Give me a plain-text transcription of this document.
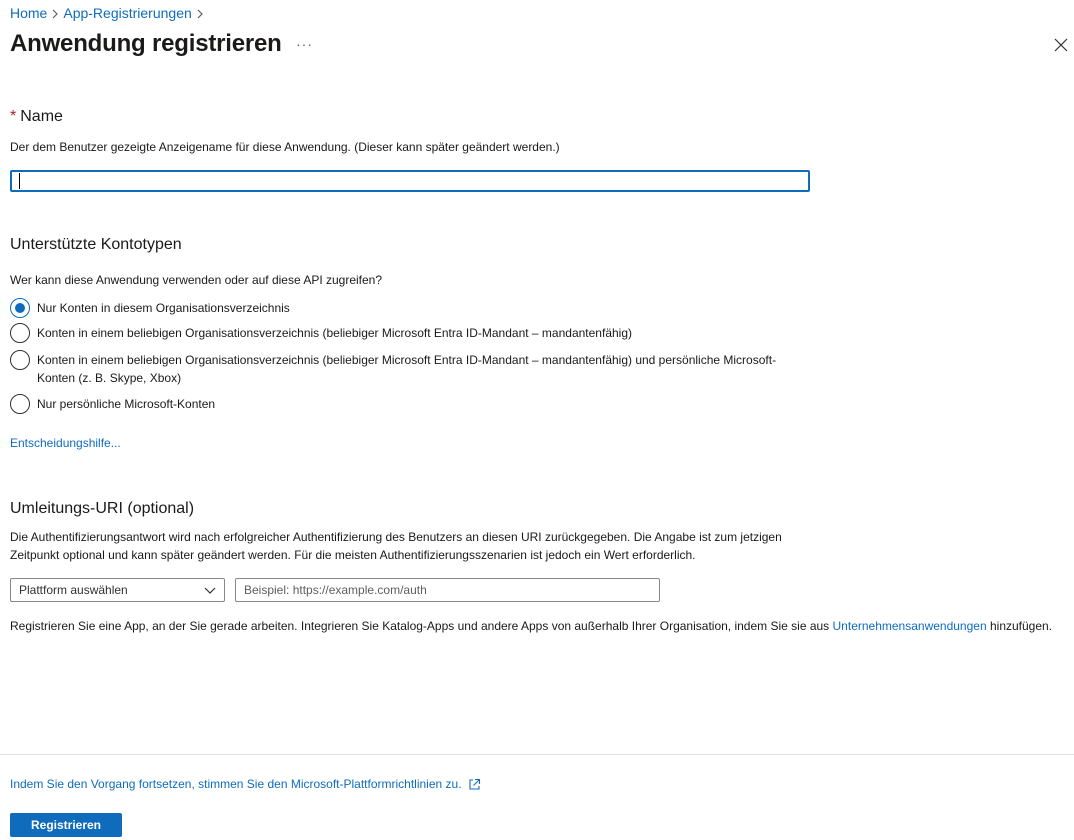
Home App-Registrierungen
Anwendung registrieren ···
* Name
Der dem Benutzer gezeigte Anzeigename für diese Anwendung. (Dieser kann später geändert werden.)
Unterstützte Kontotypen
Wer kann diese Anwendung verwenden oder auf diese API zugreifen?
Nur Konten in diesem Organisationsverzeichnis
Konten in einem beliebigen Organisationsverzeichnis (beliebiger Microsoft Entra ID-Mandant – mandantenfähig)
Konten in einem beliebigen Organisationsverzeichnis (beliebiger Microsoft Entra ID-Mandant – mandantenfähig) und persönliche Microsoft-Konten (z. B. Skype, Xbox)
Nur persönliche Microsoft-Konten
Entscheidungshilfe...
Umleitungs-URI (optional)
Die Authentifizierungsantwort wird nach erfolgreicher Authentifizierung des Benutzers an diesen URI zurückgegeben. Die Angabe ist zum jetzigen Zeitpunkt optional und kann später geändert werden. Für die meisten Authentifizierungsszenarien ist jedoch ein Wert erforderlich.
Plattform auswählen
Beispiel: https://example.com/auth
Registrieren Sie eine App, an der Sie gerade arbeiten. Integrieren Sie Katalog-Apps und andere Apps von außerhalb Ihrer Organisation, indem Sie sie aus Unternehmensanwendungen hinzufügen.
Indem Sie den Vorgang fortsetzen, stimmen Sie den Microsoft-Plattformrichtlinien zu.
Registrieren
